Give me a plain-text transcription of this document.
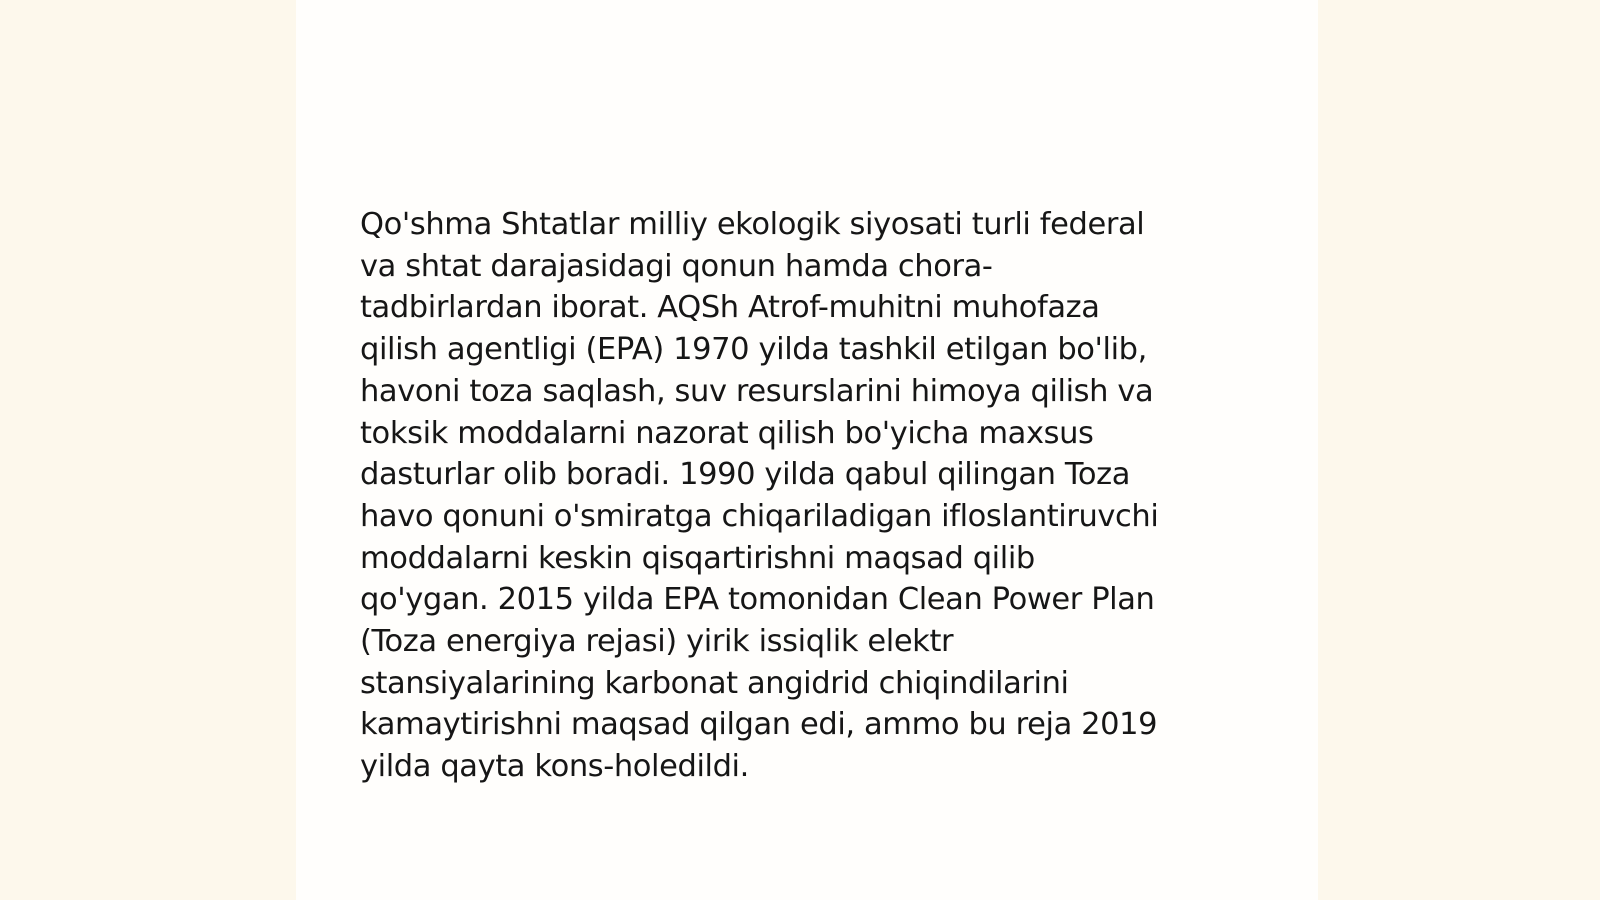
Qo'shma Shtatlar milliy ekologik siyosati turli federal
va shtat darajasidagi qonun hamda chora-
tadbirlardan iborat. AQSh Atrof-muhitni muhofaza
qilish agentligi (EPA) 1970 yilda tashkil etilgan bo'lib,
havoni toza saqlash, suv resurslarini himoya qilish va
toksik moddalarni nazorat qilish bo'yicha maxsus
dasturlar olib boradi. 1990 yilda qabul qilingan Toza
havo qonuni o'smiratga chiqariladigan ifloslantiruvchi
moddalarni keskin qisqartirishni maqsad qilib
qo'ygan. 2015 yilda EPA tomonidan Clean Power Plan
(Toza energiya rejasi) yirik issiqlik elektr
stansiyalarining karbonat angidrid chiqindilarini
kamaytirishni maqsad qilgan edi, ammo bu reja 2019
yilda qayta kons-holedildi.
